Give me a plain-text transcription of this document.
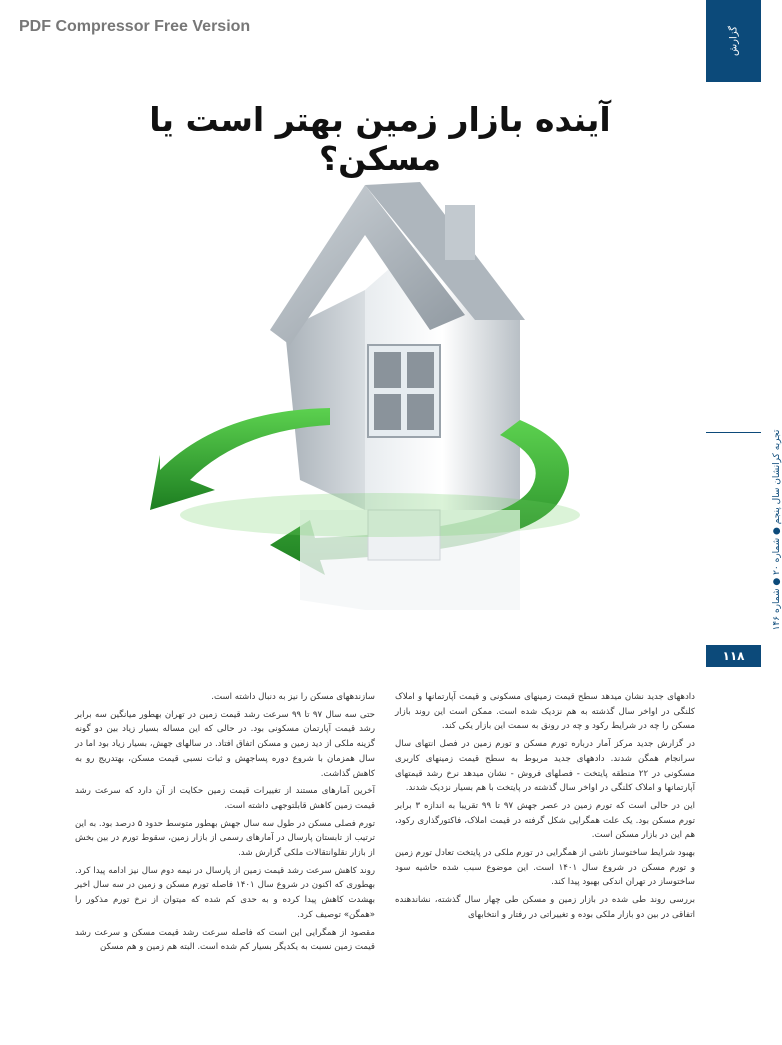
PDF Compressor Free Version	گزارش
آینده بازار زمین بهتر است یا مسکن؟
تجربه کرانشان سال پنجم ● شماره ۲۰ ● شماره ۱۴۶
۱۱۸

دادههای جدید نشان میدهد سطح قیمت زمینهای مسکونی و قیمت آپارتمانها و املاک کلنگی در اواخر سال گذشته به هم نزدیک شده است. ممکن است این روند بازار مسکن را چه در شرایط رکود و چه در رونق به سمت این بازار یکی کند.

در گزارش جدید مرکز آمار درباره تورم مسکن و تورم زمین در فصل انتهای سال سرانجام همگن شدند. دادههای جدید مربوط به سطح قیمت زمینهای کاربری مسکونی در ۲۲ منطقه پایتخت - فصلهای فروش - نشان میدهد نرخ رشد قیمتهای آپارتمانها و املاک کلنگی در اواخر سال گذشته در پایتخت با هم بسیار نزدیک شدند.

این در حالی است که تورم زمین در عصر جهش ۹۷ تا ۹۹ تقریبا به اندازه ۳ برابر تورم مسکن بود. یک علت همگرایی شکل گرفته در قیمت املاک، فاکتورگذاری رکود، هم این در بازار مسکن است.

بهبود شرایط ساختوساز ناشی از همگرایی در تورم ملکی در پایتخت تعادل تورم زمین و تورم مسکن در شروع سال ۱۴۰۱ است. این موضوع سبب شده حاشیه سود ساختوساز در تهران اندکی بهبود پیدا کند.

بررسی روند طی شده در بازار زمین و مسکن طی چهار سال گذشته، نشاندهنده اتفاقی در بین دو بازار ملکی بوده و تغییراتی در رفتار و انتخابهای

سازندههای مسکن را نیز به دنبال داشته است.

حتی سه سال ۹۷ تا ۹۹ سرعت رشد قیمت زمین در تهران بهطور میانگین سه برابر رشد قیمت آپارتمان مسکونی بود. در حالی که این مساله بسیار زیاد بین دو گونه گزینه ملکی از دید زمین و مسکن اتفاق افتاد. در سالهای جهش، بسیار زیاد بود اما در سال همزمان با شروع دوره پساجهش و ثبات نسبی قیمت مسکن، بهتدریج رو به کاهش گذاشت.

آخرین آمارهای مستند از تغییرات قیمت زمین حکایت از آن دارد که سرعت رشد قیمت زمین کاهش قابلتوجهی داشته است.

تورم فصلی مسکن در طول سه سال جهش بهطور متوسط حدود ۵ درصد بود. به این ترتیب از تابستان پارسال در آمارهای رسمی از بازار زمین، سقوط تورم در بین بخش از بازار نقلوانتقالات ملکی گزارش شد.

روند کاهش سرعت رشد قیمت زمین از پارسال در نیمه دوم سال نیز ادامه پیدا کرد. بهطوری که اکنون در شروع سال ۱۴۰۱ فاصله تورم مسکن و زمین در سه سال اخیر بهشدت کاهش پیدا کرده و به حدی کم شده که میتوان از نرخ تورم مذکور را «همگن» توصیف کرد.

مقصود از همگرایی این است که فاصله سرعت رشد قیمت مسکن و سرعت رشد قیمت زمین نسبت به یکدیگر بسیار کم شده است. البته هم زمین و هم مسکن
